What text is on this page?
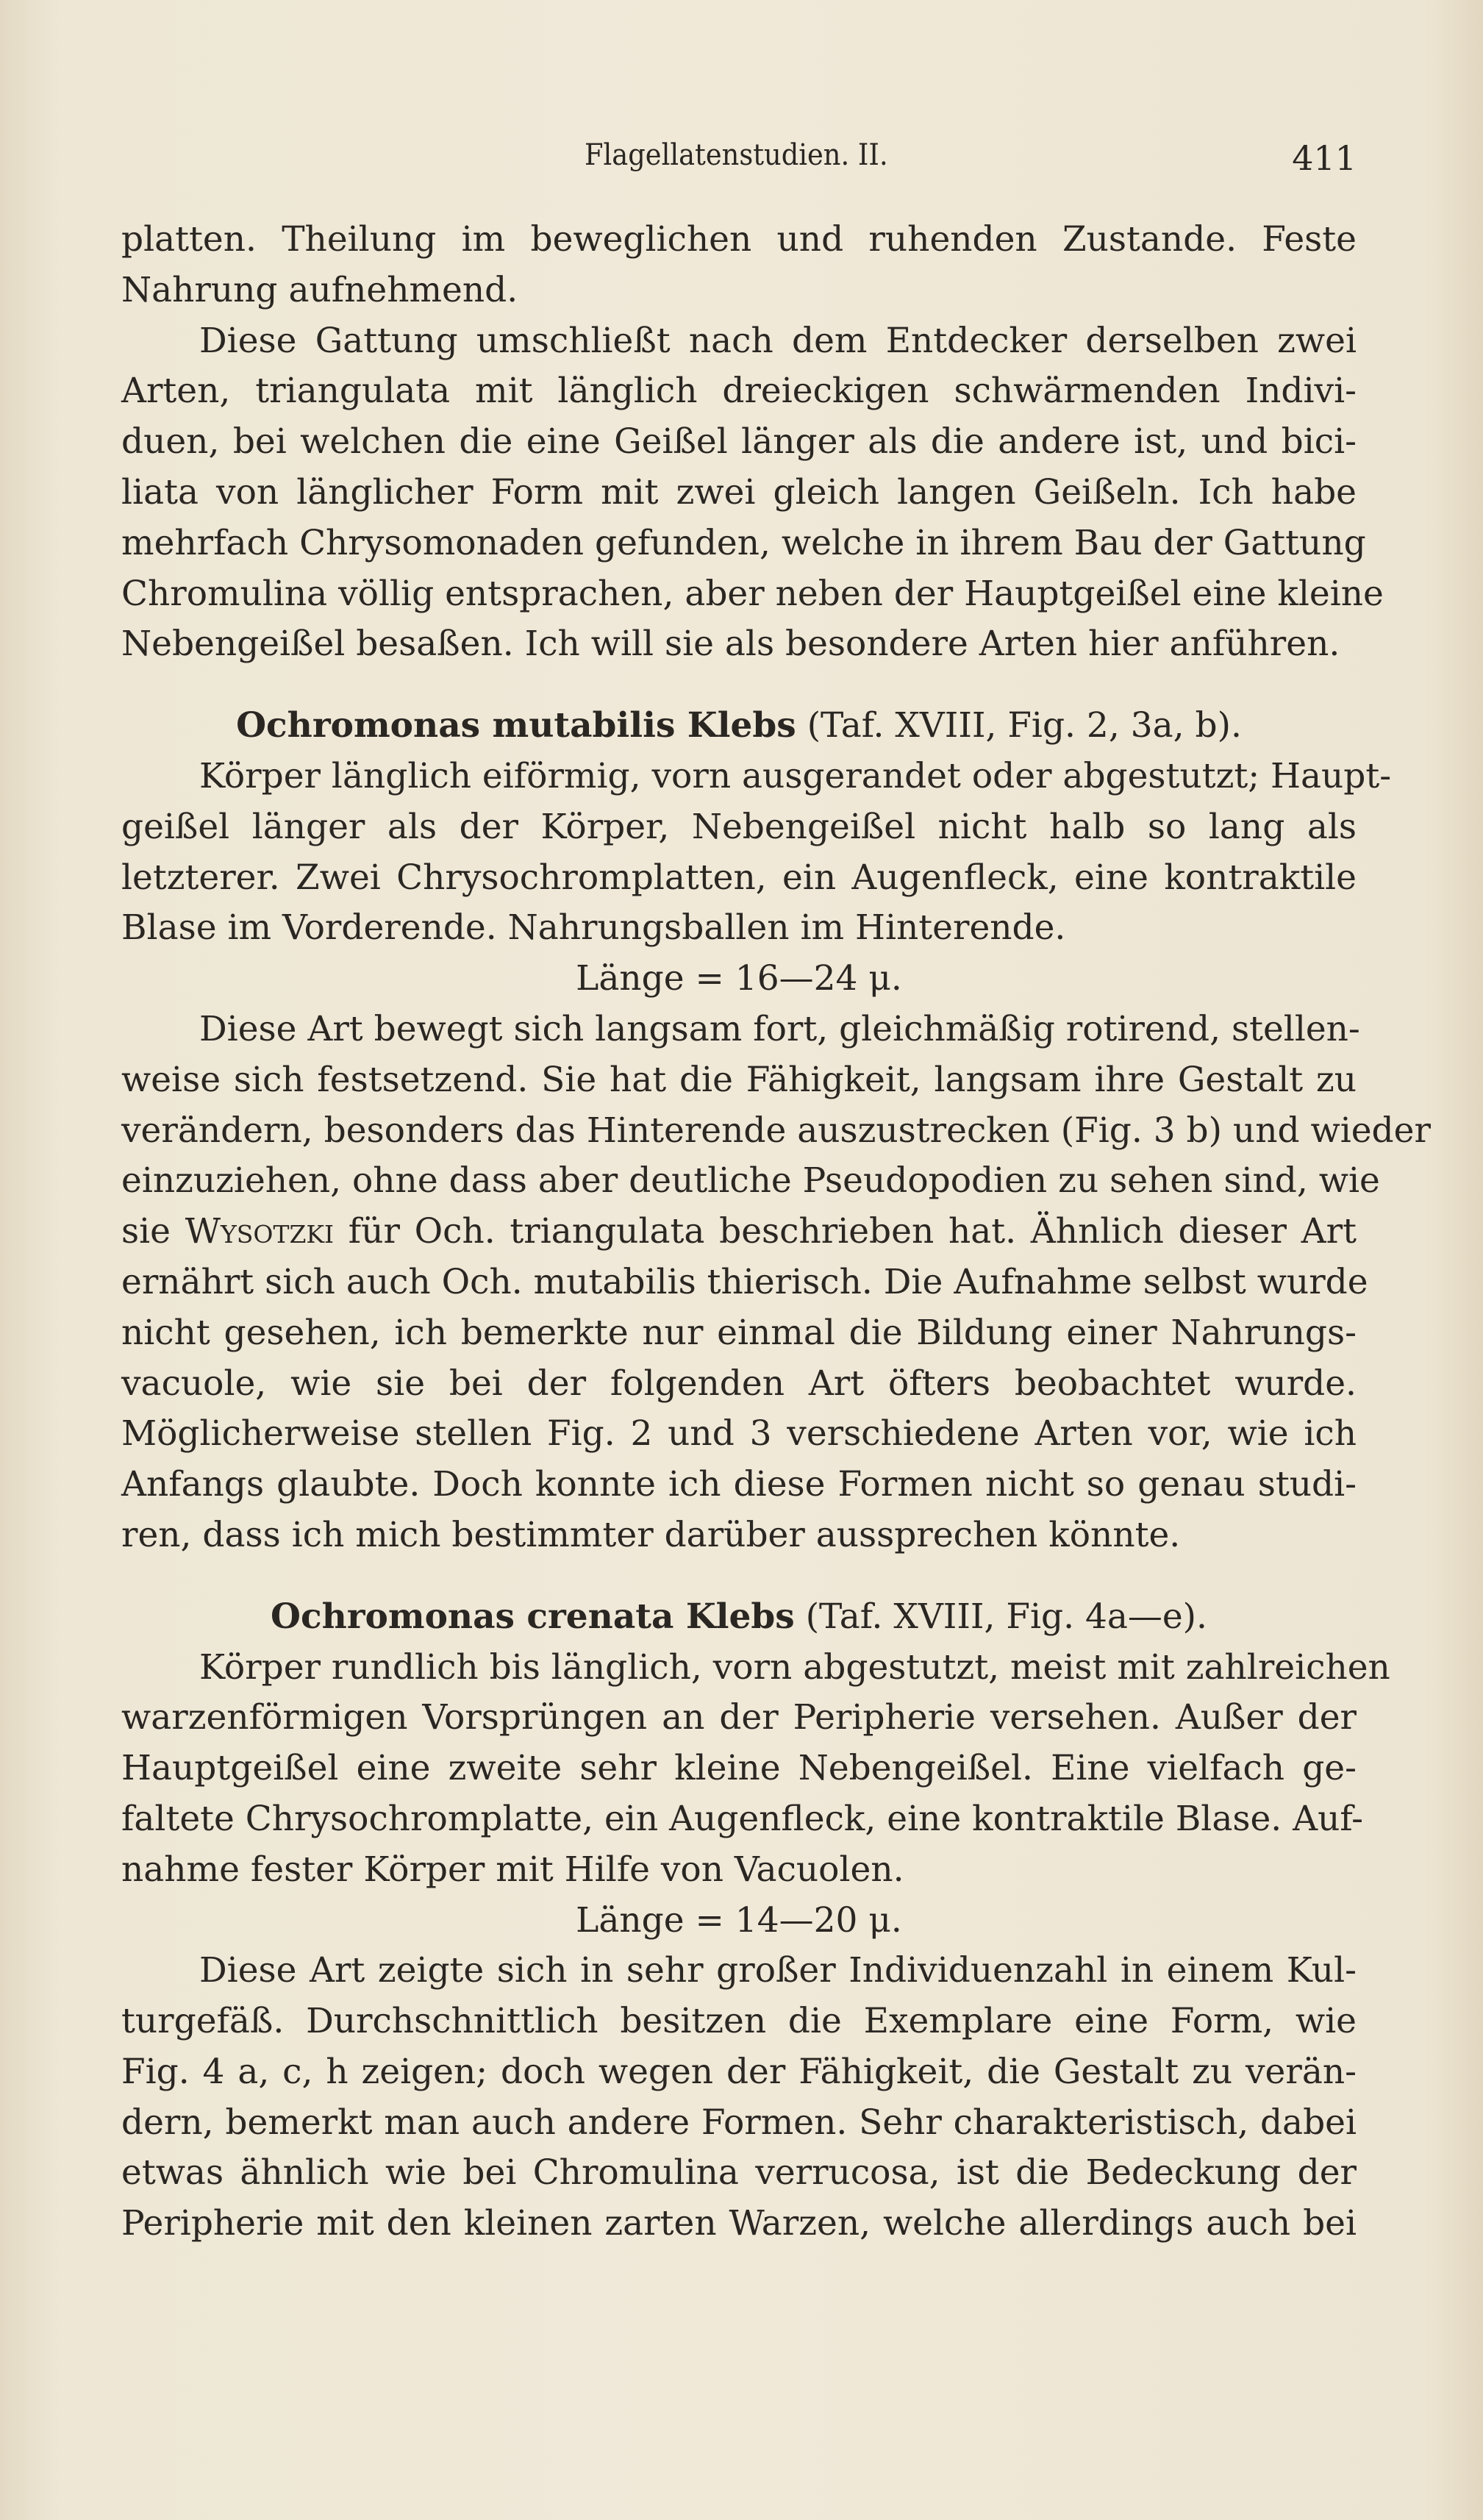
Flagellatenstudien. II.	411
platten. Theilung im beweglichen und ruhenden Zustande. Feste
Nahrung aufnehmend.
Diese Gattung umschließt nach dem Entdecker derselben zwei
Arten, triangulata mit länglich dreieckigen schwärmenden Indivi-
duen, bei welchen die eine Geißel länger als die andere ist, und bici-
liata von länglicher Form mit zwei gleich langen Geißeln. Ich habe
mehrfach Chrysomonaden gefunden, welche in ihrem Bau der Gattung
Chromulina völlig entsprachen, aber neben der Hauptgeißel eine kleine
Nebengeißel besaßen. Ich will sie als besondere Arten hier anführen.
Ochromonas mutabilis Klebs (Taf. XVIII, Fig. 2, 3a, b).
Körper länglich eiförmig, vorn ausgerandet oder abgestutzt; Haupt-
geißel länger als der Körper, Nebengeißel nicht halb so lang als
letzterer. Zwei Chrysochromplatten, ein Augenfleck, eine kontraktile
Blase im Vorderende. Nahrungsballen im Hinterende.
Länge = 16—24 μ.
Diese Art bewegt sich langsam fort, gleichmäßig rotirend, stellen-
weise sich festsetzend. Sie hat die Fähigkeit, langsam ihre Gestalt zu
verändern, besonders das Hinterende auszustrecken (Fig. 3 b) und wieder
einzuziehen, ohne dass aber deutliche Pseudopodien zu sehen sind, wie
sie Wysotzki für Och. triangulata beschrieben hat. Ähnlich dieser Art
ernährt sich auch Och. mutabilis thierisch. Die Aufnahme selbst wurde
nicht gesehen, ich bemerkte nur einmal die Bildung einer Nahrungs-
vacuole, wie sie bei der folgenden Art öfters beobachtet wurde.
Möglicherweise stellen Fig. 2 und 3 verschiedene Arten vor, wie ich
Anfangs glaubte. Doch konnte ich diese Formen nicht so genau studi-
ren, dass ich mich bestimmter darüber aussprechen könnte.
Ochromonas crenata Klebs (Taf. XVIII, Fig. 4a—e).
Körper rundlich bis länglich, vorn abgestutzt, meist mit zahlreichen
warzenförmigen Vorsprüngen an der Peripherie versehen. Außer der
Hauptgeißel eine zweite sehr kleine Nebengeißel. Eine vielfach ge-
faltete Chrysochromplatte, ein Augenfleck, eine kontraktile Blase. Auf-
nahme fester Körper mit Hilfe von Vacuolen.
Länge = 14—20 μ.
Diese Art zeigte sich in sehr großer Individuenzahl in einem Kul-
turgefäß. Durchschnittlich besitzen die Exemplare eine Form, wie
Fig. 4 a, c, h zeigen; doch wegen der Fähigkeit, die Gestalt zu verän-
dern, bemerkt man auch andere Formen. Sehr charakteristisch, dabei
etwas ähnlich wie bei Chromulina verrucosa, ist die Bedeckung der
Peripherie mit den kleinen zarten Warzen, welche allerdings auch bei
